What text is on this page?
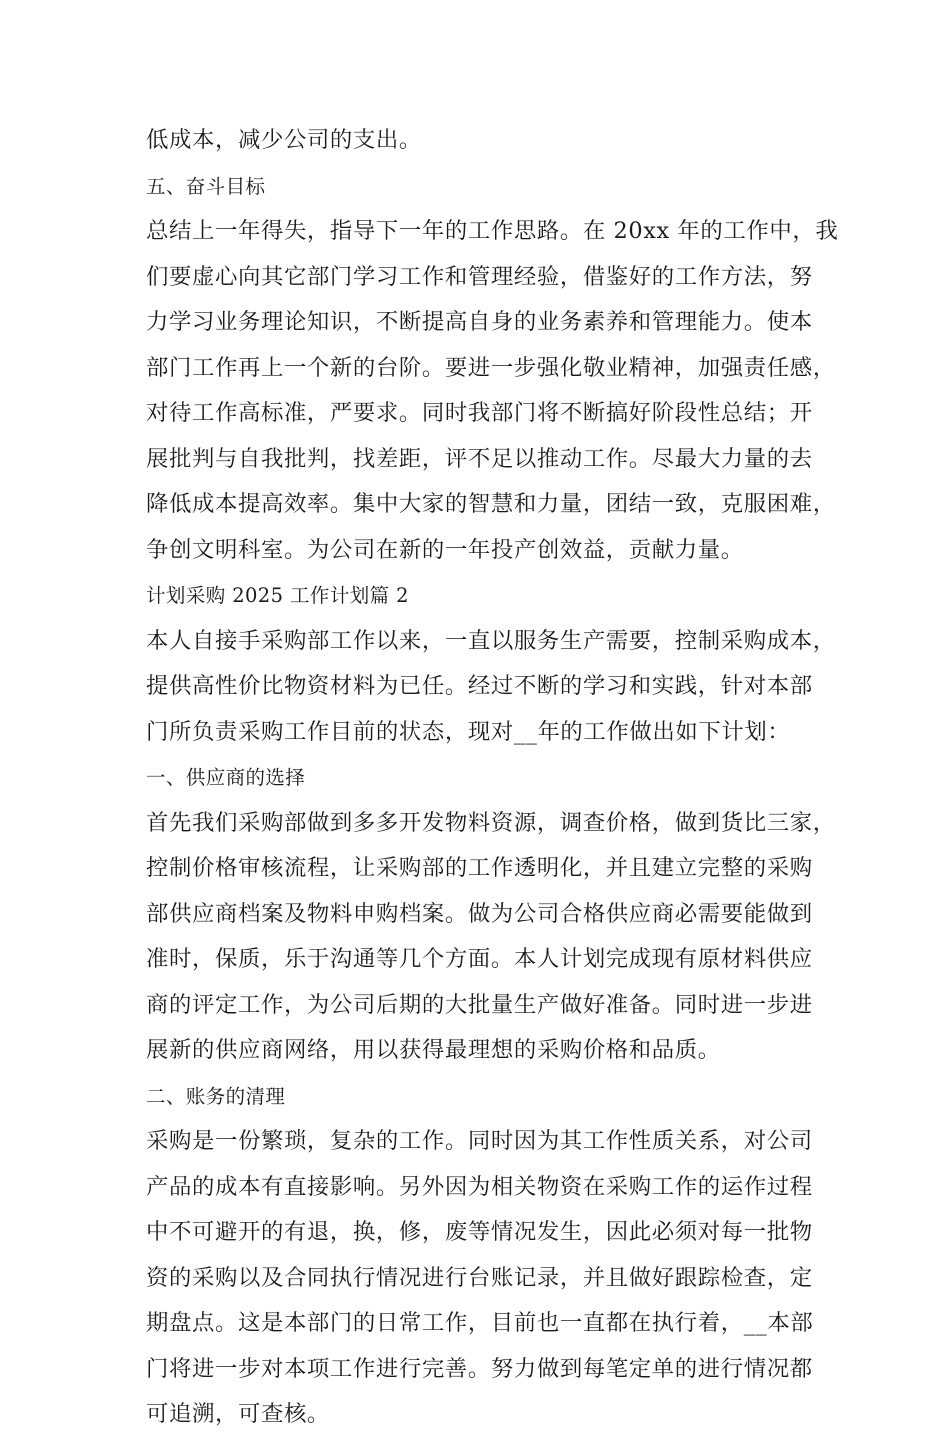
低成本，减少公司的支出。
五、奋斗目标
总结上一年得失，指导下一年的工作思路。在 20xx 年的工作中，我
们要虚心向其它部门学习工作和管理经验，借鉴好的工作方法，努
力学习业务理论知识，不断提高自身的业务素养和管理能力。使本
部门工作再上一个新的台阶。要进一步强化敬业精神，加强责任感，
对待工作高标准，严要求。同时我部门将不断搞好阶段性总结；开
展批判与自我批判，找差距，评不足以推动工作。尽最大力量的去
降低成本提高效率。集中大家的智慧和力量，团结一致，克服困难，
争创文明科室。为公司在新的一年投产创效益，贡献力量。
计划采购 2025 工作计划篇 2
本人自接手采购部工作以来，一直以服务生产需要，控制采购成本，
提供高性价比物资材料为已任。经过不断的学习和实践，针对本部
门所负责采购工作目前的状态，现对__年的工作做出如下计划：
一、供应商的选择
首先我们采购部做到多多开发物料资源，调查价格，做到货比三家，
控制价格审核流程，让采购部的工作透明化，并且建立完整的采购
部供应商档案及物料申购档案。做为公司合格供应商必需要能做到
准时，保质，乐于沟通等几个方面。本人计划完成现有原材料供应
商的评定工作，为公司后期的大批量生产做好准备。同时进一步进
展新的供应商网络，用以获得最理想的采购价格和品质。
二、账务的清理
采购是一份繁琐，复杂的工作。同时因为其工作性质关系，对公司
产品的成本有直接影响。另外因为相关物资在采购工作的运作过程
中不可避开的有退，换，修，废等情况发生，因此必须对每一批物
资的采购以及合同执行情况进行台账记录，并且做好跟踪检查，定
期盘点。这是本部门的日常工作，目前也一直都在执行着，__本部
门将进一步对本项工作进行完善。努力做到每笔定单的进行情况都
可追溯，可查核。
